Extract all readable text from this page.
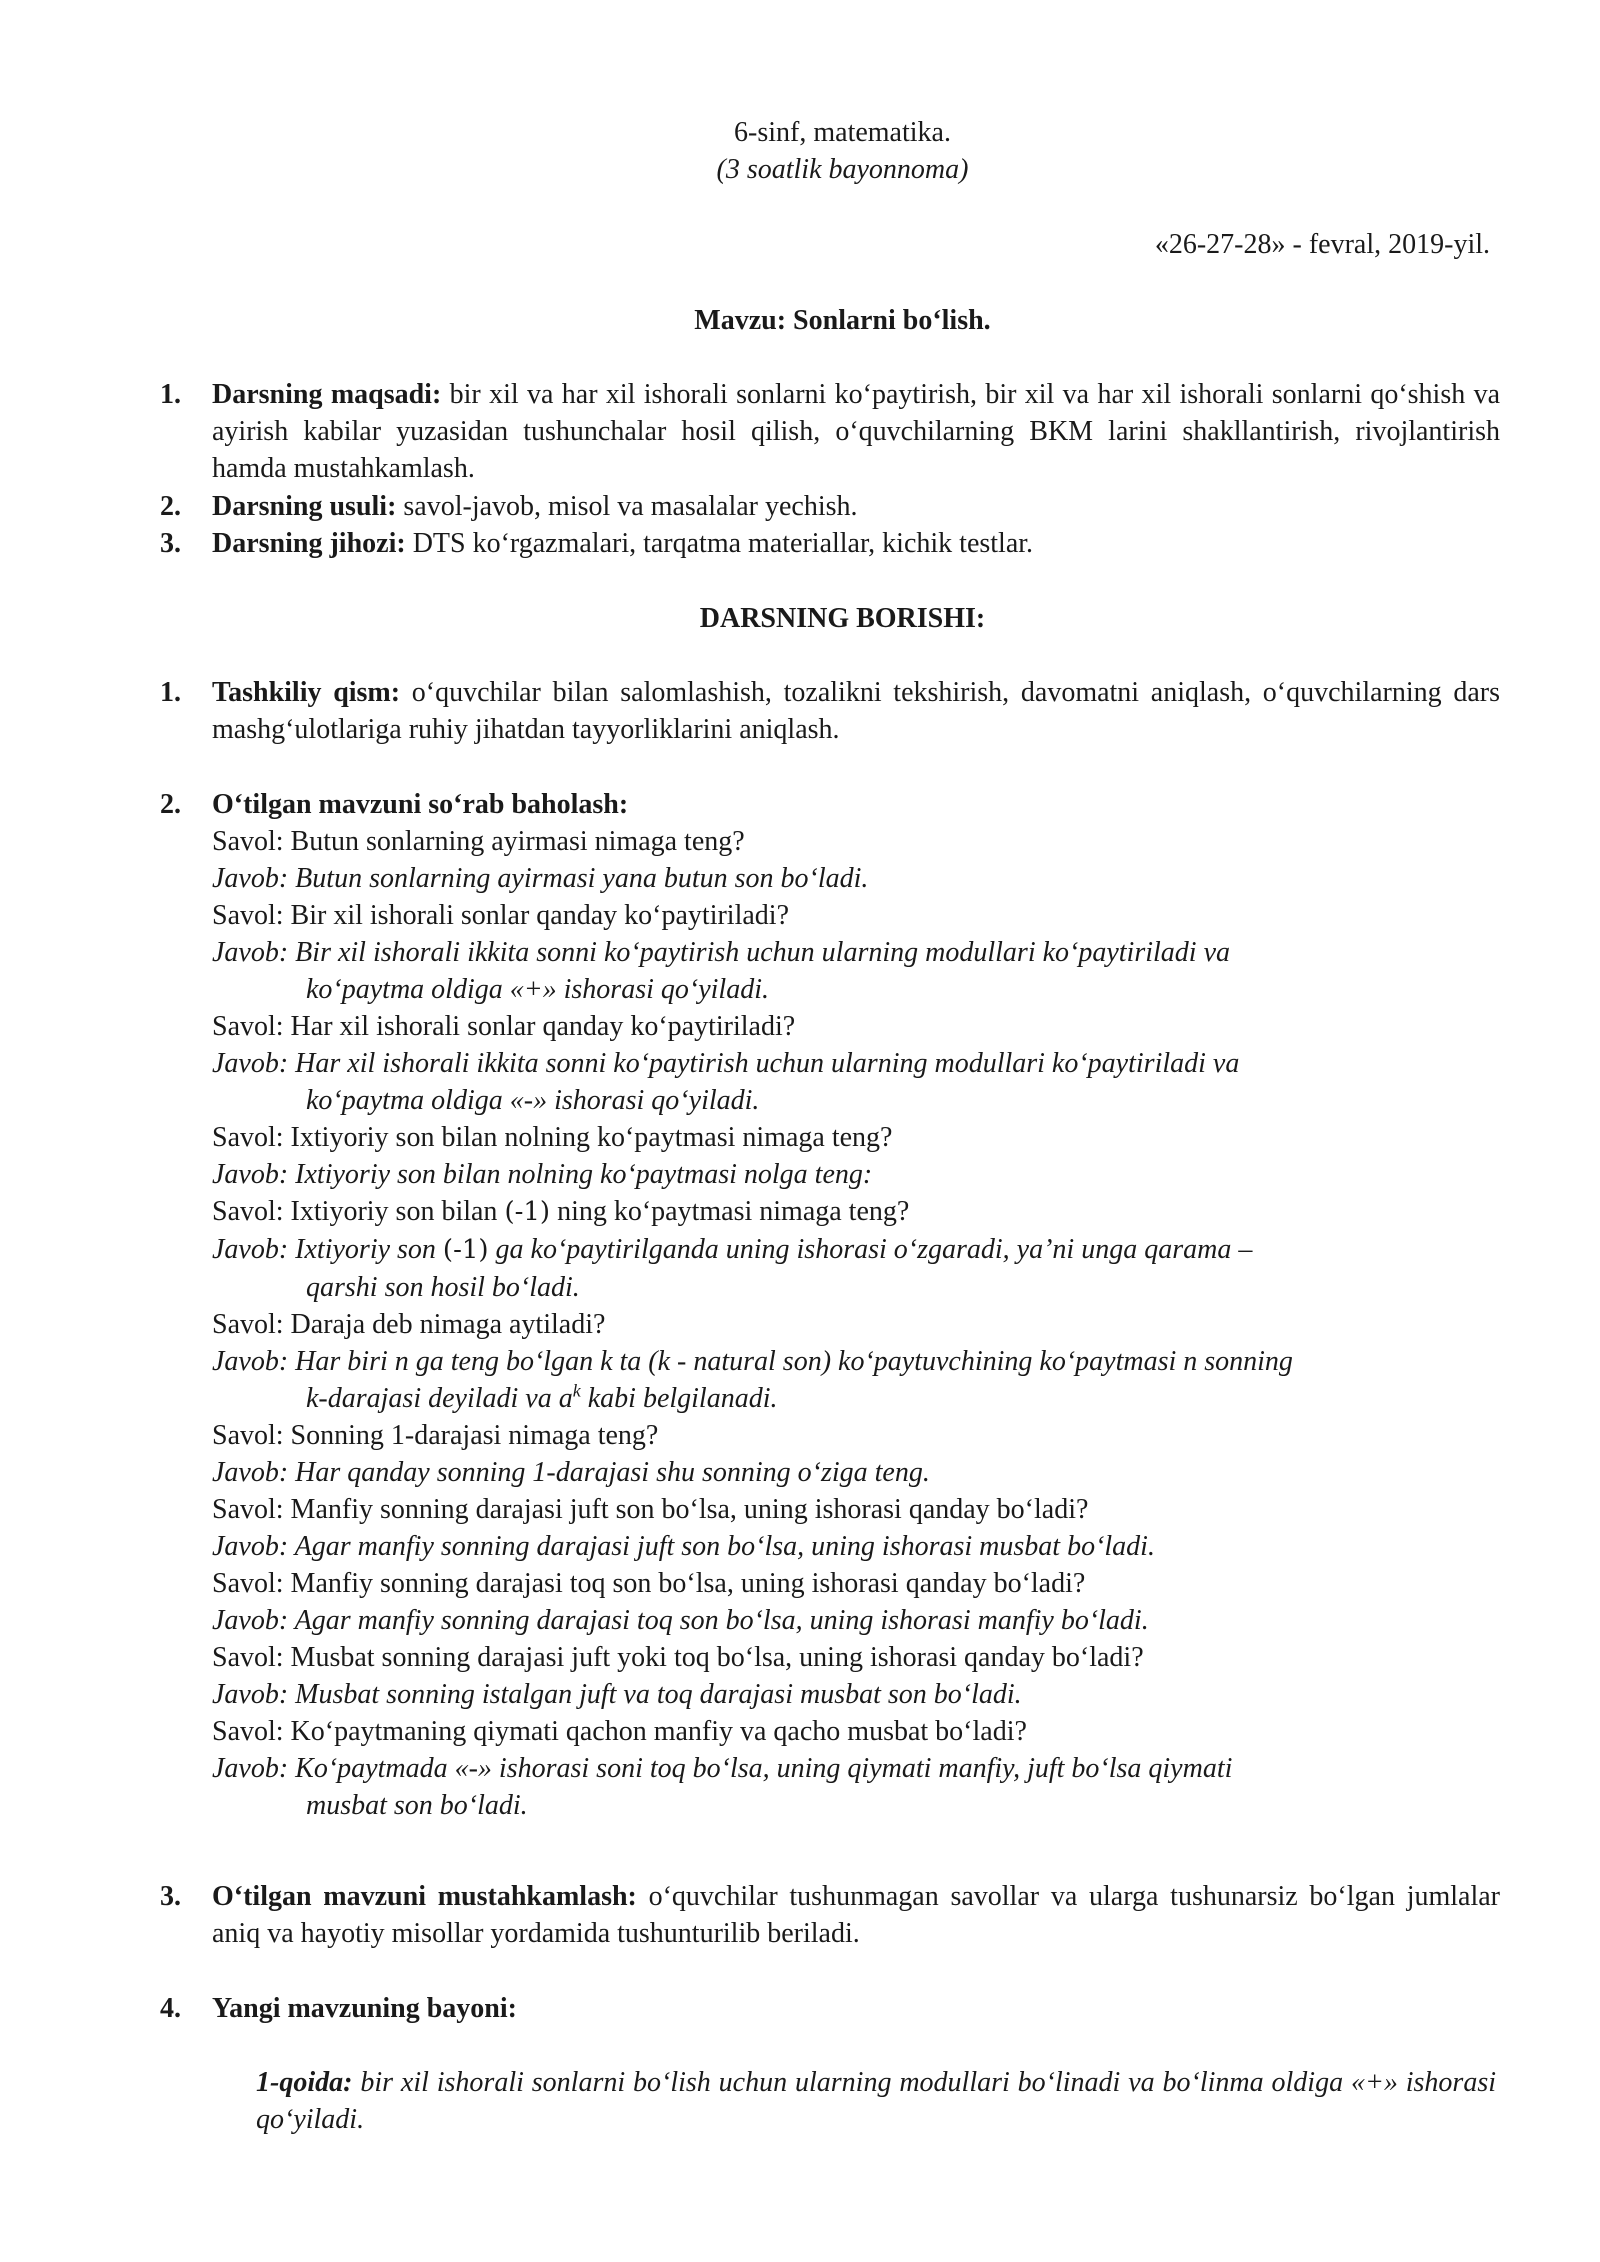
6-sinf, matematika.
(3 soatlik bayonnoma)
«26-27-28» - fevral, 2019-yil.
Mavzu: Sonlarni boʻlish.
1.	Darsning maqsadi: bir xil va har xil ishorali sonlarni koʻpaytirish, bir xil va har xil ishorali sonlarni qoʻshish va ayirish kabilar yuzasidan tushunchalar hosil qilish, oʻquvchilarning BKM larini shakllantirish, rivojlantirish hamda mustahkamlash.
2.	Darsning usuli: savol-javob, misol va masalalar yechish.
3.	Darsning jihozi: DTS koʻrgazmalari, tarqatma materiallar, kichik testlar.
DARSNING BORISHI:
1.	Tashkiliy qism: oʻquvchilar bilan salomlashish, tozalikni tekshirish, davomatni aniqlash, oʻquvchilarning dars mashgʻulotlariga ruhiy jihatdan tayyorliklarini aniqlash.
2.	Oʻtilgan mavzuni soʻrab baholash:
Savol: Butun sonlarning ayirmasi nimaga teng?
Javob: Butun sonlarning ayirmasi yana butun son boʻladi.
Savol: Bir xil ishorali sonlar qanday koʻpaytiriladi?
Javob: Bir xil ishorali ikkita sonni koʻpaytirish uchun ularning modullari koʻpaytiriladi va
koʻpaytma oldiga «+» ishorasi qoʻyiladi.
Savol: Har xil ishorali sonlar qanday koʻpaytiriladi?
Javob: Har xil ishorali ikkita sonni koʻpaytirish uchun ularning modullari koʻpaytiriladi va
koʻpaytma oldiga «-» ishorasi qoʻyiladi.
Savol: Ixtiyoriy son bilan nolning koʻpaytmasi nimaga teng?
Javob: Ixtiyoriy son bilan nolning koʻpaytmasi nolga teng:
Savol: Ixtiyoriy son bilan (-1) ning koʻpaytmasi nimaga teng?
Javob: Ixtiyoriy son (-1) ga koʻpaytirilganda uning ishorasi oʻzgaradi, ya’ni unga qarama –
qarshi son hosil boʻladi.
Savol: Daraja deb nimaga aytiladi?
Javob: Har biri n ga teng boʻlgan k ta (k - natural son) koʻpaytuvchining koʻpaytmasi n sonning
k-darajasi deyiladi va $a^k$ kabi belgilanadi.
Savol: Sonning 1-darajasi nimaga teng?
Javob: Har qanday sonning 1-darajasi shu sonning oʻziga teng.
Savol: Manfiy sonning darajasi juft son boʻlsa, uning ishorasi qanday boʻladi?
Javob: Agar manfiy sonning darajasi juft son boʻlsa, uning ishorasi musbat boʻladi.
Savol: Manfiy sonning darajasi toq son boʻlsa, uning ishorasi qanday boʻladi?
Javob: Agar manfiy sonning darajasi toq son boʻlsa, uning ishorasi manfiy boʻladi.
Savol: Musbat sonning darajasi juft yoki toq boʻlsa, uning ishorasi qanday boʻladi?
Javob: Musbat sonning istalgan juft va toq darajasi musbat son boʻladi.
Savol: Koʻpaytmaning qiymati qachon manfiy va qacho musbat boʻladi?
Javob: Koʻpaytmada «-» ishorasi soni toq boʻlsa, uning qiymati manfiy, juft boʻlsa qiymati
musbat son boʻladi.
3.	Oʻtilgan mavzuni mustahkamlash: oʻquvchilar tushunmagan savollar va ularga tushunarsiz boʻlgan jumlalar aniq va hayotiy misollar yordamida tushunturilib beriladi.
4.	Yangi mavzuning bayoni:
1-qoida: bir xil ishorali sonlarni boʻlish uchun ularning modullari boʻlinadi va boʻlinma oldiga «+» ishorasi qoʻyiladi.
